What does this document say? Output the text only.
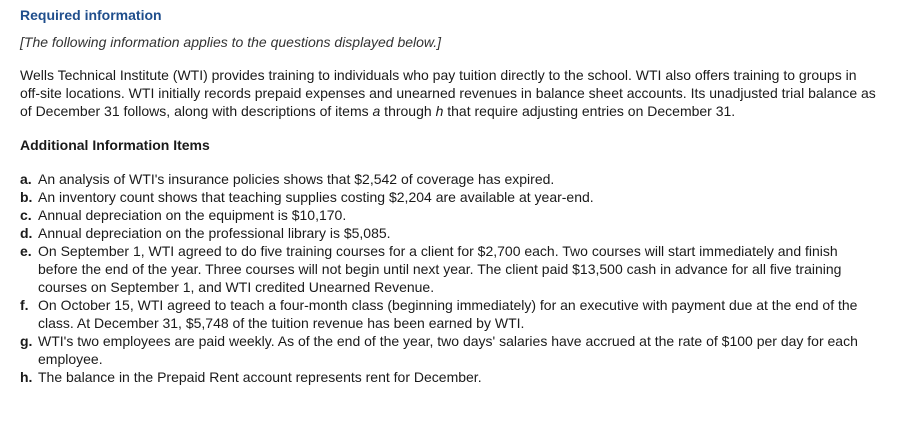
Required information

[The following information applies to the questions displayed below.]

Wells Technical Institute (WTI) provides training to individuals who pay tuition directly to the school. WTI also offers training to groups in off-site locations. WTI initially records prepaid expenses and unearned revenues in balance sheet accounts. Its unadjusted trial balance as of December 31 follows, along with descriptions of items a through h that require adjusting entries on December 31.

Additional Information Items

a. An analysis of WTI's insurance policies shows that $2,542 of coverage has expired.
b. An inventory count shows that teaching supplies costing $2,204 are available at year-end.
c. Annual depreciation on the equipment is $10,170.
d. Annual depreciation on the professional library is $5,085.
e. On September 1, WTI agreed to do five training courses for a client for $2,700 each. Two courses will start immediately and finish before the end of the year. Three courses will not begin until next year. The client paid $13,500 cash in advance for all five training courses on September 1, and WTI credited Unearned Revenue.
f. On October 15, WTI agreed to teach a four-month class (beginning immediately) for an executive with payment due at the end of the class. At December 31, $5,748 of the tuition revenue has been earned by WTI.
g. WTI's two employees are paid weekly. As of the end of the year, two days' salaries have accrued at the rate of $100 per day for each employee.
h. The balance in the Prepaid Rent account represents rent for December.
